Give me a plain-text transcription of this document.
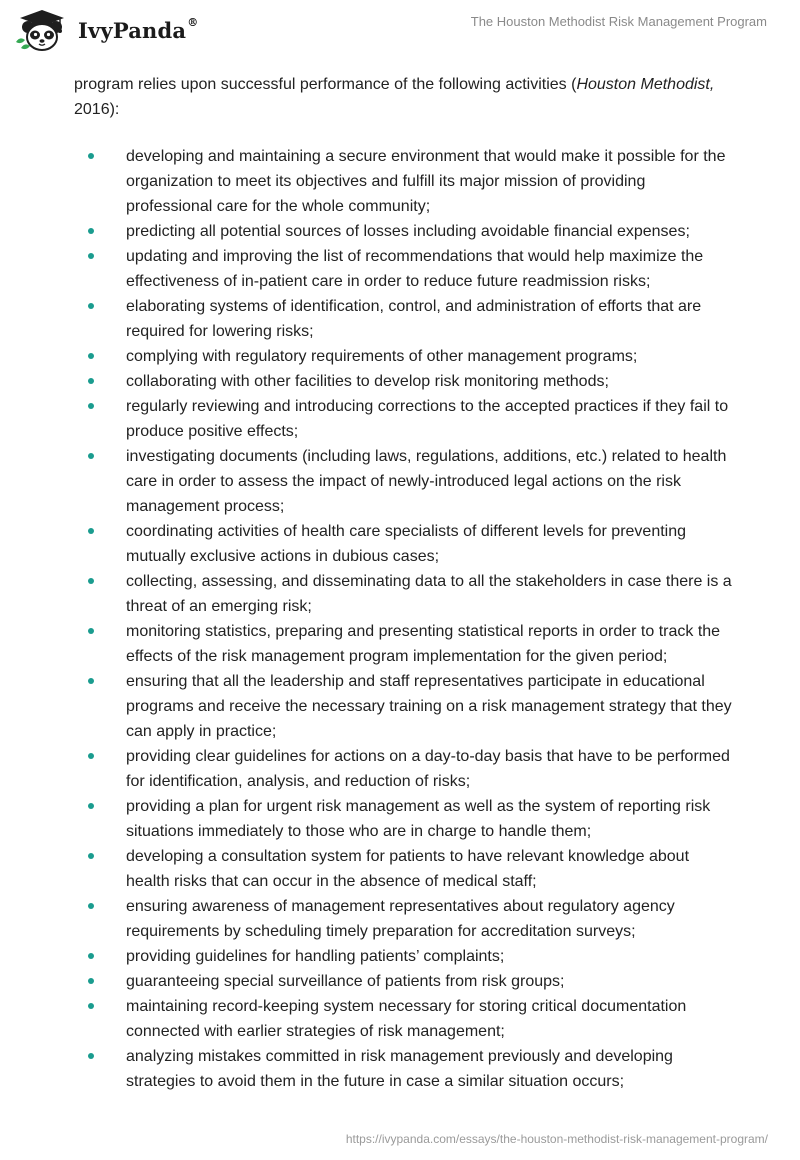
IvyPanda®	The Houston Methodist Risk Management Program

program relies upon successful performance of the following activities (Houston Methodist, 2016):

developing and maintaining a secure environment that would make it possible for the organization to meet its objectives and fulfill its major mission of providing professional care for the whole community;
predicting all potential sources of losses including avoidable financial expenses;
updating and improving the list of recommendations that would help maximize the effectiveness of in-patient care in order to reduce future readmission risks;
elaborating systems of identification, control, and administration of efforts that are required for lowering risks;
complying with regulatory requirements of other management programs;
collaborating with other facilities to develop risk monitoring methods;
regularly reviewing and introducing corrections to the accepted practices if they fail to produce positive effects;
investigating documents (including laws, regulations, additions, etc.) related to health care in order to assess the impact of newly-introduced legal actions on the risk management process;
coordinating activities of health care specialists of different levels for preventing mutually exclusive actions in dubious cases;
collecting, assessing, and disseminating data to all the stakeholders in case there is a threat of an emerging risk;
monitoring statistics, preparing and presenting statistical reports in order to track the effects of the risk management program implementation for the given period;
ensuring that all the leadership and staff representatives participate in educational programs and receive the necessary training on a risk management strategy that they can apply in practice;
providing clear guidelines for actions on a day-to-day basis that have to be performed for identification, analysis, and reduction of risks;
providing a plan for urgent risk management as well as the system of reporting risk situations immediately to those who are in charge to handle them;
developing a consultation system for patients to have relevant knowledge about health risks that can occur in the absence of medical staff;
ensuring awareness of management representatives about regulatory agency requirements by scheduling timely preparation for accreditation surveys;
providing guidelines for handling patients’ complaints;
guaranteeing special surveillance of patients from risk groups;
maintaining record-keeping system necessary for storing critical documentation connected with earlier strategies of risk management;
analyzing mistakes committed in risk management previously and developing strategies to avoid them in the future in case a similar situation occurs;
https://ivypanda.com/essays/the-houston-methodist-risk-management-program/
